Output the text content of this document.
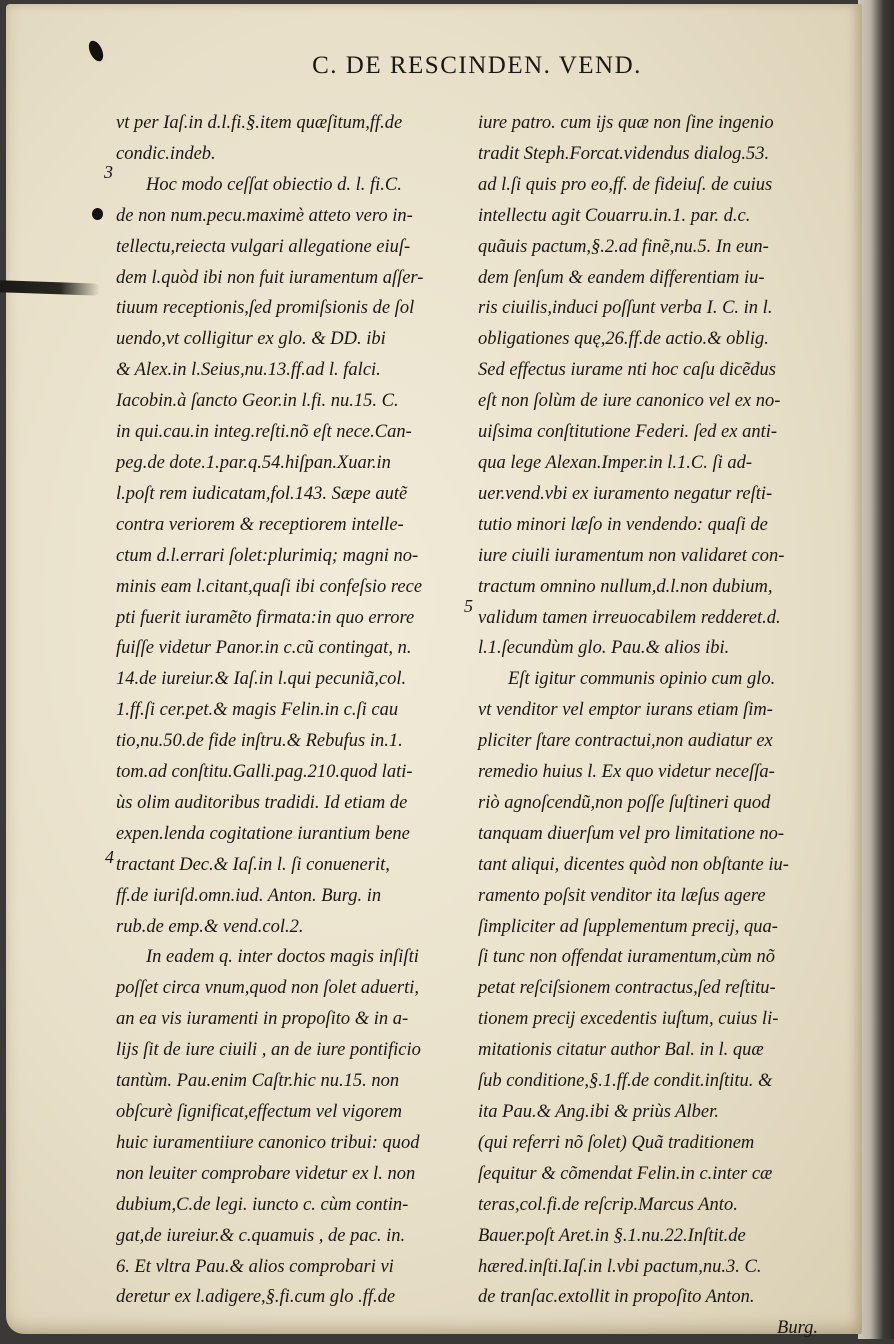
C. DE RESCINDEN. VEND.
3
4
5
vt per Iaſ.in d.l.fi.§.item quæſitum,ff.de
condic.indeb.
Hoc modo ceſſat obiectio d. l. fi.C.
de non num.pecu.maximè atteto vero in-
tellectu,reiecta vulgari allegatione eiuſ-
dem l.quòd ibi non fuit iuramentum aſſer-
tiuum receptionis,ſed promiſsionis de ſol
uendo,vt colligitur ex glo. & DD. ibi
& Alex.in l.Seius,nu.13.ff.ad l. falci.
Iacobin.à ſancto Geor.in l.fi. nu.15. C.
in qui.cau.in integ.reſti.nõ eſt nece.Can-
peg.de dote.1.par.q.54.hiſpan.Xuar.in
l.poſt rem iudicatam,fol.143. Sæpe autẽ
contra veriorem & receptiorem intelle-
ctum d.l.errari ſolet:plurimiq; magni no-
minis eam l.citant,quaſi ibi confeſsio rece
pti fuerit iuramẽto firmata:in quo errore
fuiſſe videtur Panor.in c.cũ contingat, n.
14.de iureiur.& Iaſ.in l.qui pecuniã,col.
1.ff.ſi cer.pet.& magis Felin.in c.ſi cau
tio,nu.50.de fide inſtru.& Rebufus in.1.
tom.ad conſtitu.Galli.pag.210.quod lati-
ùs olim auditoribus tradidi. Id etiam de
expen.lenda cogitatione iurantium bene
tractant Dec.& Iaſ.in l. ſi conuenerit,
ff.de iuriſd.omn.iud. Anton. Burg. in
rub.de emp.& vend.col.2.
In eadem q. inter doctos magis inſiſti
poſſet circa vnum,quod non ſolet aduerti,
an ea vis iuramenti in propoſito & in a-
lijs ſit de iure ciuili , an de iure pontificio
tantùm. Pau.enim Caſtr.hic nu.15. non
obſcurè ſignificat,effectum vel vigorem
huic iuramentiiure canonico tribui: quod
non leuiter comprobare videtur ex l. non
dubium,C.de legi. iuncto c. cùm contin-
gat,de iureiur.& c.quamuis , de pac. in.
6. Et vltra Pau.& alios comprobari vi
deretur ex l.adigere,§.fi.cum glo .ff.de
iure patro. cum ijs quæ non ſine ingenio
tradit Steph.Forcat.videndus dialog.53.
ad l.ſi quis pro eo,ff. de fideiuſ. de cuius
intellectu agit Couarru.in.1. par. d.c.
quãuis pactum,§.2.ad finẽ,nu.5. In eun-
dem ſenſum & eandem differentiam iu-
ris ciuilis,induci poſſunt verba I. C. in l.
obligationes quę,26.ff.de actio.& oblig.
Sed effectus iurame nti hoc caſu dicẽdus
eſt non ſolùm de iure canonico vel ex no-
uiſsima conſtitutione Federi. ſed ex anti-
qua lege Alexan.Imper.in l.1.C. ſi ad-
uer.vend.vbi ex iuramento negatur reſti-
tutio minori læſo in vendendo: quaſi de
iure ciuili iuramentum non validaret con-
tractum omnino nullum,d.l.non dubium,
validum tamen irreuocabilem redderet.d.
l.1.ſecundùm glo. Pau.& alios ibi.
Eſt igitur communis opinio cum glo.
vt venditor vel emptor iurans etiam ſim-
pliciter ſtare contractui,non audiatur ex
remedio huius l. Ex quo videtur neceſſa-
riò agnoſcendũ,non poſſe ſuſtineri quod
tanquam diuerſum vel pro limitatione no-
tant aliqui, dicentes quòd non obſtante iu-
ramento poſsit venditor ita læſus agere
ſimpliciter ad ſupplementum precij, qua-
ſi tunc non offendat iuramentum,cùm nõ
petat reſciſsionem contractus,ſed reſtitu-
tionem precij excedentis iuſtum, cuius li-
mitationis citatur author Bal. in l. quæ
ſub conditione,§.1.ff.de condit.inſtitu. &
ita Pau.& Ang.ibi & priùs Alber.
(qui referri nõ ſolet) Quã traditionem
ſequitur & cõmendat Felin.in c.inter cæ
teras,col.fi.de reſcrip.Marcus Anto.
Bauer.poſt Aret.in §.1.nu.22.Inſtit.de
hæred.inſti.Iaſ.in l.vbi pactum,nu.3. C.
de tranſac.extollit in propoſito Anton.
Burg.
